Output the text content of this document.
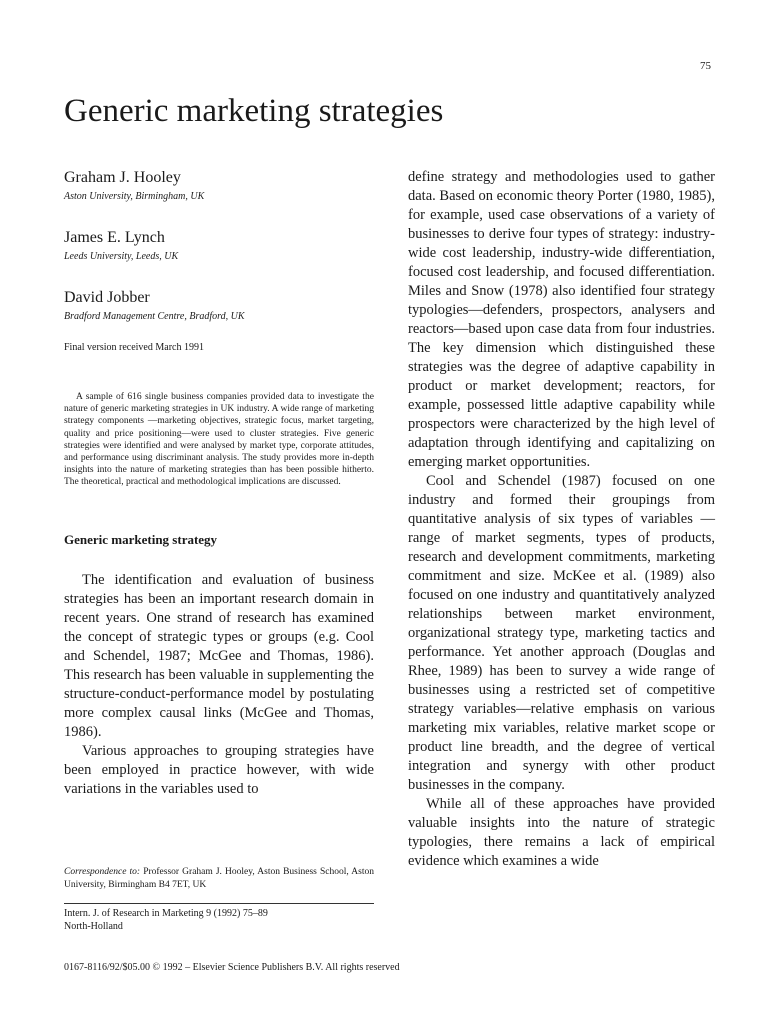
75
Generic marketing strategies

Graham J. Hooley

Aston University, Birmingham, UK

James E. Lynch

Leeds University, Leeds, UK

David Jobber

Bradford Management Centre, Bradford, UK

Final version received March 1991

A sample of 616 single business companies provided data to investigate the nature of generic marketing strategies in UK industry. A wide range of marketing strategy components —marketing objectives, strategic focus, market targeting, quality and price positioning—were used to cluster strategies. Five generic strategies were identified and were analysed by market type, corporate attitudes, and performance using discriminant analysis. The study provides more in-depth insights into the nature of marketing strategies than has been possible hitherto. The theoretical, practical and methodological implications are discussed.

Generic marketing strategy

The identification and evaluation of business strategies has been an important research domain in recent years. One strand of research has examined the concept of strategic types or groups (e.g. Cool and Schendel, 1987; McGee and Thomas, 1986). This research has been valuable in supplementing the structure-conduct-performance model by postulating more complex causal links (McGee and Thomas, 1986).

Various approaches to grouping strategies have been employed in practice however, with wide variations in the variables used to

Correspondence to: Professor Graham J. Hooley, Aston Business School, Aston University, Birmingham B4 7ET, UK
Intern. J. of Research in Marketing 9 (1992) 75–89
North-Holland

define strategy and methodologies used to gather data. Based on economic theory Porter (1980, 1985), for example, used case observations of a variety of businesses to derive four types of strategy: industry-wide cost leadership, industry-wide differentiation, focused cost leadership, and focused differentiation. Miles and Snow (1978) also identified four strategy typologies—defenders, prospectors, analysers and reactors—based upon case data from four industries. The key dimension which distinguished these strategies was the degree of adaptive capability in product or market development; reactors, for example, possessed little adaptive capability while prospectors were characterized by the high level of adaptation through identifying and capitalizing on emerging market opportunities.

Cool and Schendel (1987) focused on one industry and formed their groupings from quantitative analysis of six types of variables —range of market segments, types of products, research and development commitments, marketing commitment and size. McKee et al. (1989) also focused on one industry and quantitatively analyzed relationships between market environment, organizational strategy type, marketing tactics and performance. Yet another approach (Douglas and Rhee, 1989) has been to survey a wide range of businesses using a restricted set of competitive strategy variables—relative emphasis on various marketing mix variables, relative market scope or product line breadth, and the degree of vertical integration and synergy with other product businesses in the company.

While all of these approaches have provided valuable insights into the nature of strategic typologies, there remains a lack of empirical evidence which examines a wide

0167-8116/92/$05.00 © 1992 – Elsevier Science Publishers B.V. All rights reserved
